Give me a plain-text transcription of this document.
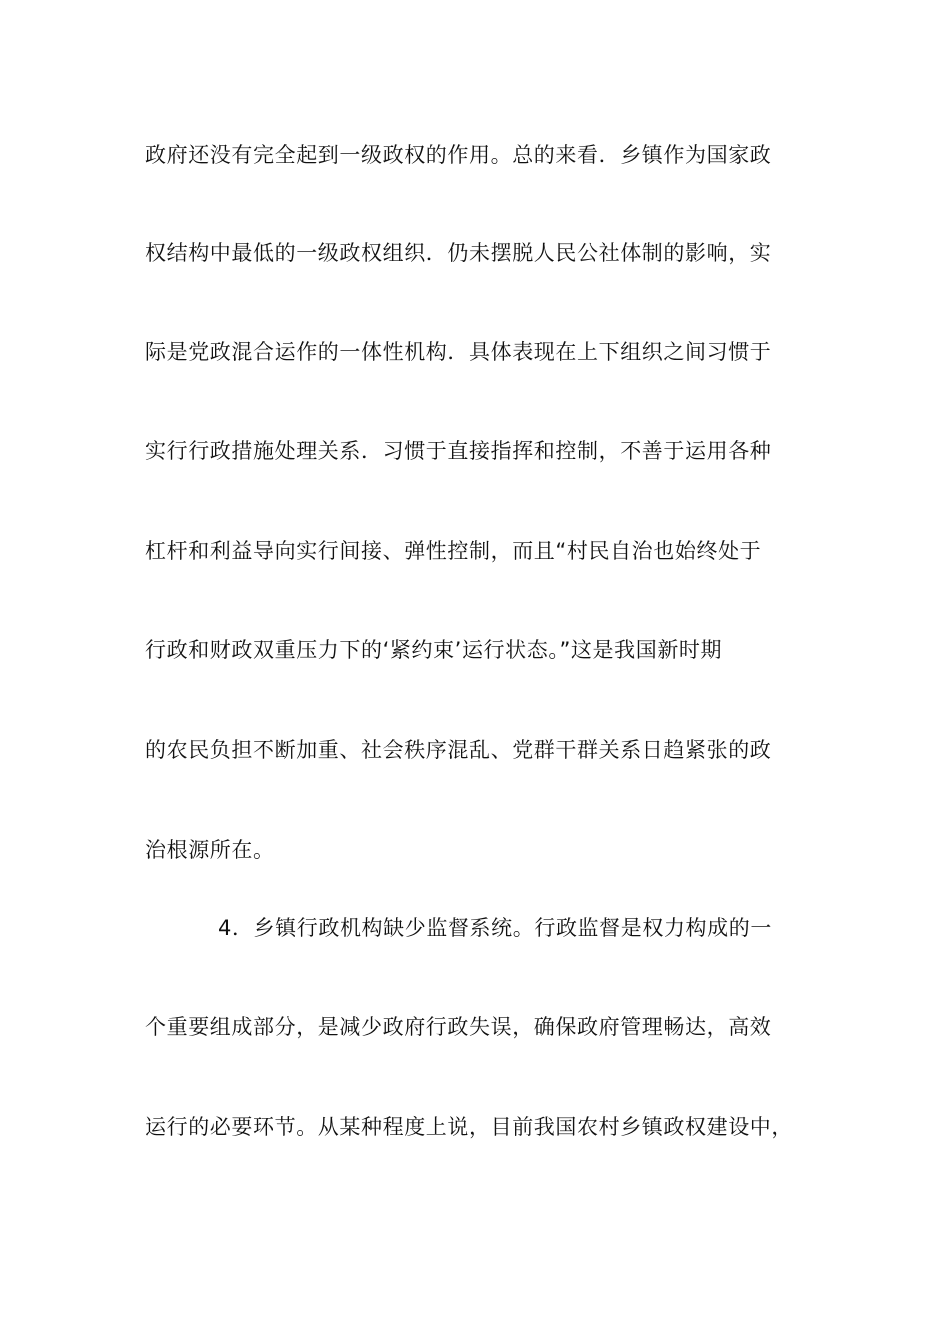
政府还没有完全起到一级政权的作用。总的来看．乡镇作为国家政
权结构中最低的一级政权组织．仍未摆脱人民公社体制的影响，实
际是党政混合运作的一体性机构．具体表现在上下组织之间习惯于
实行行政措施处理关系．习惯于直接指挥和控制，不善于运用各种
杠杆和利益导向实行间接、弹性控制，而且“村民自治也始终处于
行政和财政双重压力下的‘紧约束’运行状态。”这是我国新时期
的农民负担不断加重、社会秩序混乱、党群干群关系日趋紧张的政
治根源所在。
4．乡镇行政机构缺少监督系统。行政监督是权力构成的一
个重要组成部分，是减少政府行政失误，确保政府管理畅达，高效
运行的必要环节。从某种程度上说，目前我国农村乡镇政权建设中，
